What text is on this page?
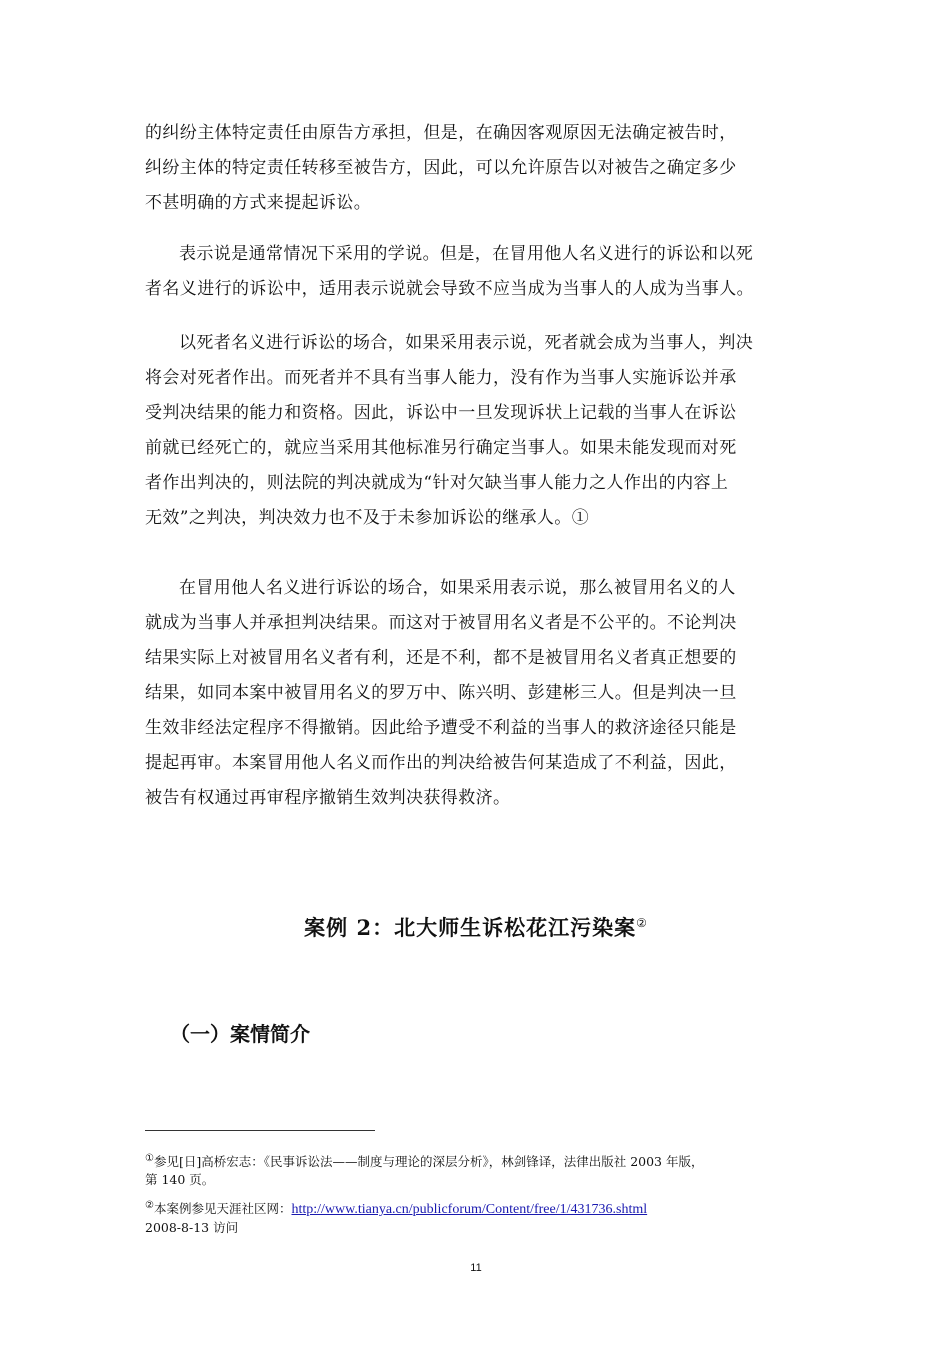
的纠纷主体特定责任由原告方承担，但是，在确因客观原因无法确定被告时，
纠纷主体的特定责任转移至被告方，因此，可以允许原告以对被告之确定多少
不甚明确的方式来提起诉讼。

表示说是通常情况下采用的学说。但是，在冒用他人名义进行的诉讼和以死
者名义进行的诉讼中，适用表示说就会导致不应当成为当事人的人成为当事人。

以死者名义进行诉讼的场合，如果采用表示说，死者就会成为当事人，判决
将会对死者作出。而死者并不具有当事人能力，没有作为当事人实施诉讼并承
受判决结果的能力和资格。因此，诉讼中一旦发现诉状上记载的当事人在诉讼
前就已经死亡的，就应当采用其他标准另行确定当事人。如果未能发现而对死
者作出判决的，则法院的判决就成为“针对欠缺当事人能力之人作出的内容上
无效”之判决，判决效力也不及于未参加诉讼的继承人。①

在冒用他人名义进行诉讼的场合，如果采用表示说，那么被冒用名义的人
就成为当事人并承担判决结果。而这对于被冒用名义者是不公平的。不论判决
结果实际上对被冒用名义者有利，还是不利，都不是被冒用名义者真正想要的
结果，如同本案中被冒用名义的罗万中、陈兴明、彭建彬三人。但是判决一旦
生效非经法定程序不得撤销。因此给予遭受不利益的当事人的救济途径只能是
提起再审。本案冒用他人名义而作出的判决给被告何某造成了不利益，因此，
被告有权通过再审程序撤销生效判决获得救济。

案例 2：北大师生诉松花江污染案②
（一）案情简介

①参见[日]高桥宏志：《民事诉讼法——制度与理论的深层分析》，林剑锋译，法律出版社 2003 年版，
第 140 页。

②本案例参见天涯社区网：http://www.tianya.cn/publicforum/Content/free/1/431736.shtml
2008-8-13 访问

11
